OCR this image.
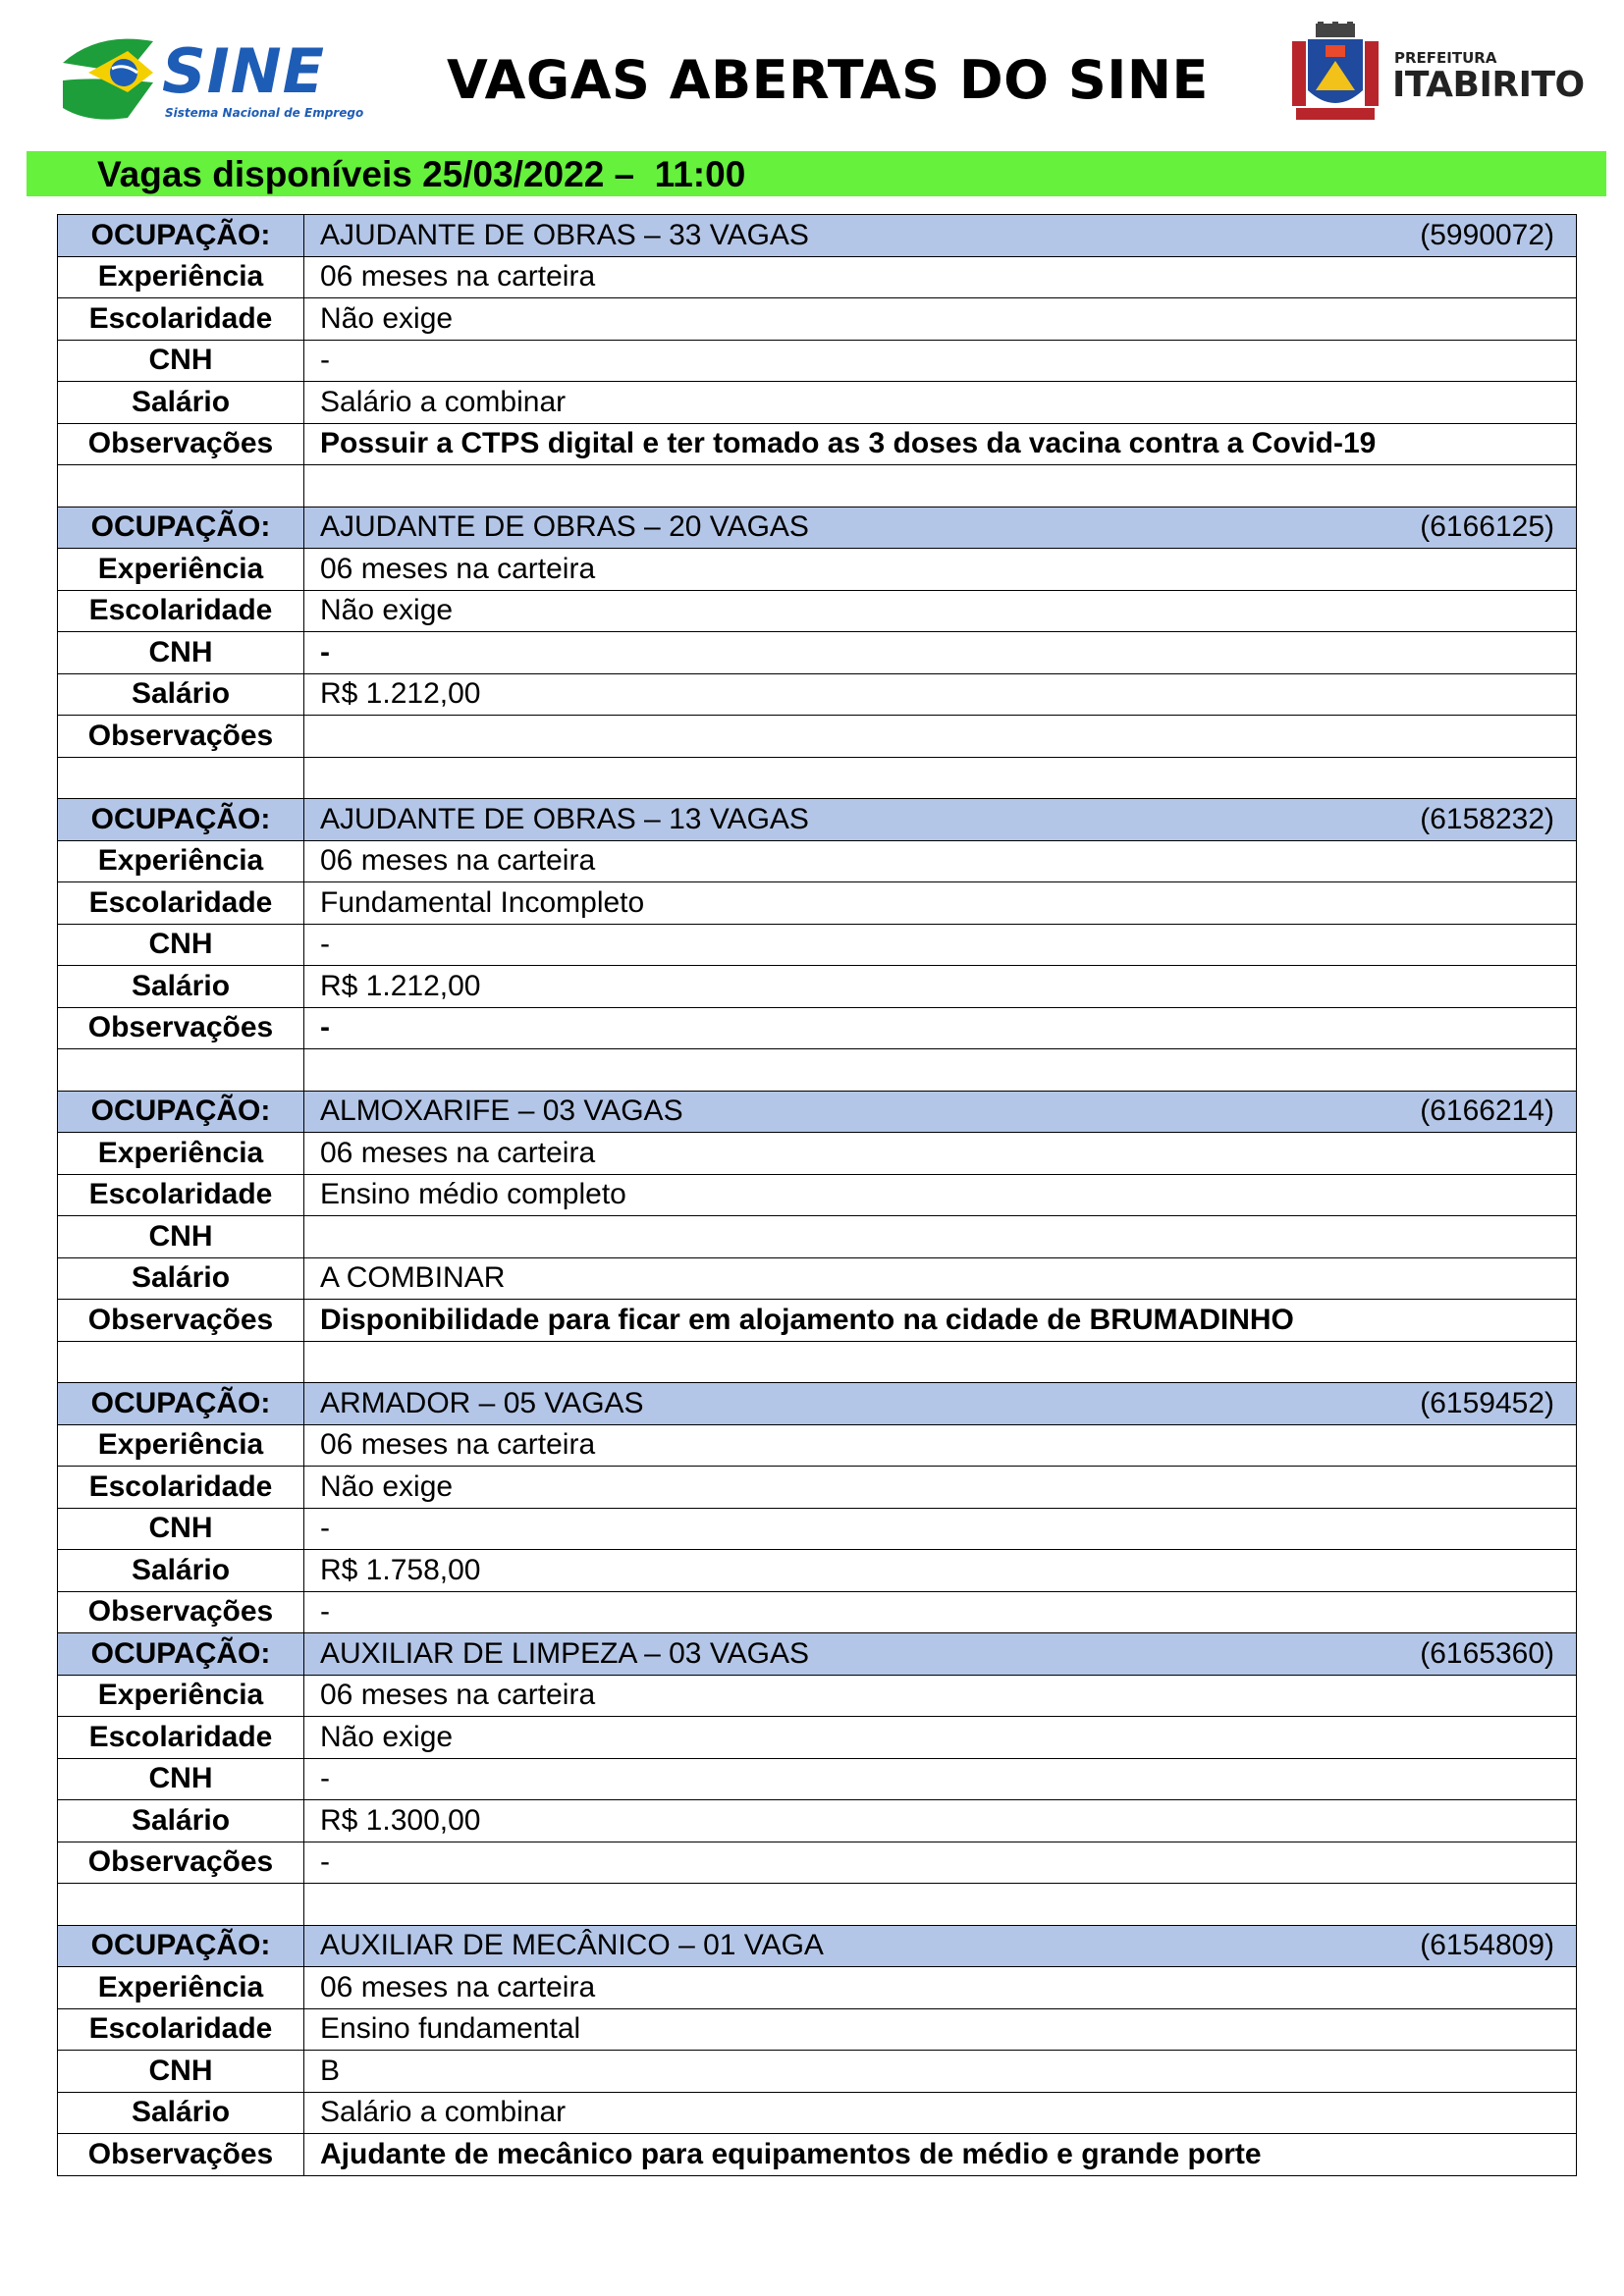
SINE
Sistema Nacional de Emprego
VAGAS ABERTAS DO SINE	PREFEITURA
ITABIRITO
Vagas disponíveis 25/03/2022 –  11:00
OCUPAÇÃO:	AJUDANTE DE OBRAS – 33 VAGAS (5990072)

Experiência	06 meses na carteira
Escolaridade	Não exige
CNH	-
Salário	Salário a combinar
Observações	Possuir a CTPS digital e ter tomado as 3 doses da vacina contra a Covid-19

OCUPAÇÃO:	AJUDANTE DE OBRAS – 20 VAGAS (6166125)

Experiência	06 meses na carteira
Escolaridade	Não exige
CNH	-
Salário	R$ 1.212,00
Observações	

OCUPAÇÃO:	AJUDANTE DE OBRAS – 13 VAGAS (6158232)

Experiência	06 meses na carteira
Escolaridade	Fundamental Incompleto
CNH	-
Salário	R$ 1.212,00
Observações	-

OCUPAÇÃO:	ALMOXARIFE – 03 VAGAS (6166214)

Experiência	06 meses na carteira
Escolaridade	Ensino médio completo
CNH	
Salário	A COMBINAR
Observações	Disponibilidade para ficar em alojamento na cidade de BRUMADINHO

OCUPAÇÃO:	ARMADOR – 05 VAGAS (6159452)

Experiência	06 meses na carteira
Escolaridade	Não exige
CNH	-
Salário	R$ 1.758,00
Observações	-
OCUPAÇÃO:	AUXILIAR DE LIMPEZA – 03 VAGAS (6165360)

Experiência	06 meses na carteira
Escolaridade	Não exige
CNH	-
Salário	R$ 1.300,00
Observações	-

OCUPAÇÃO:	AUXILIAR DE MECÂNICO – 01 VAGA (6154809)

Experiência	06 meses na carteira
Escolaridade	Ensino fundamental
CNH	B
Salário	Salário a combinar
Observações	Ajudante de mecânico para equipamentos de médio e grande porte
